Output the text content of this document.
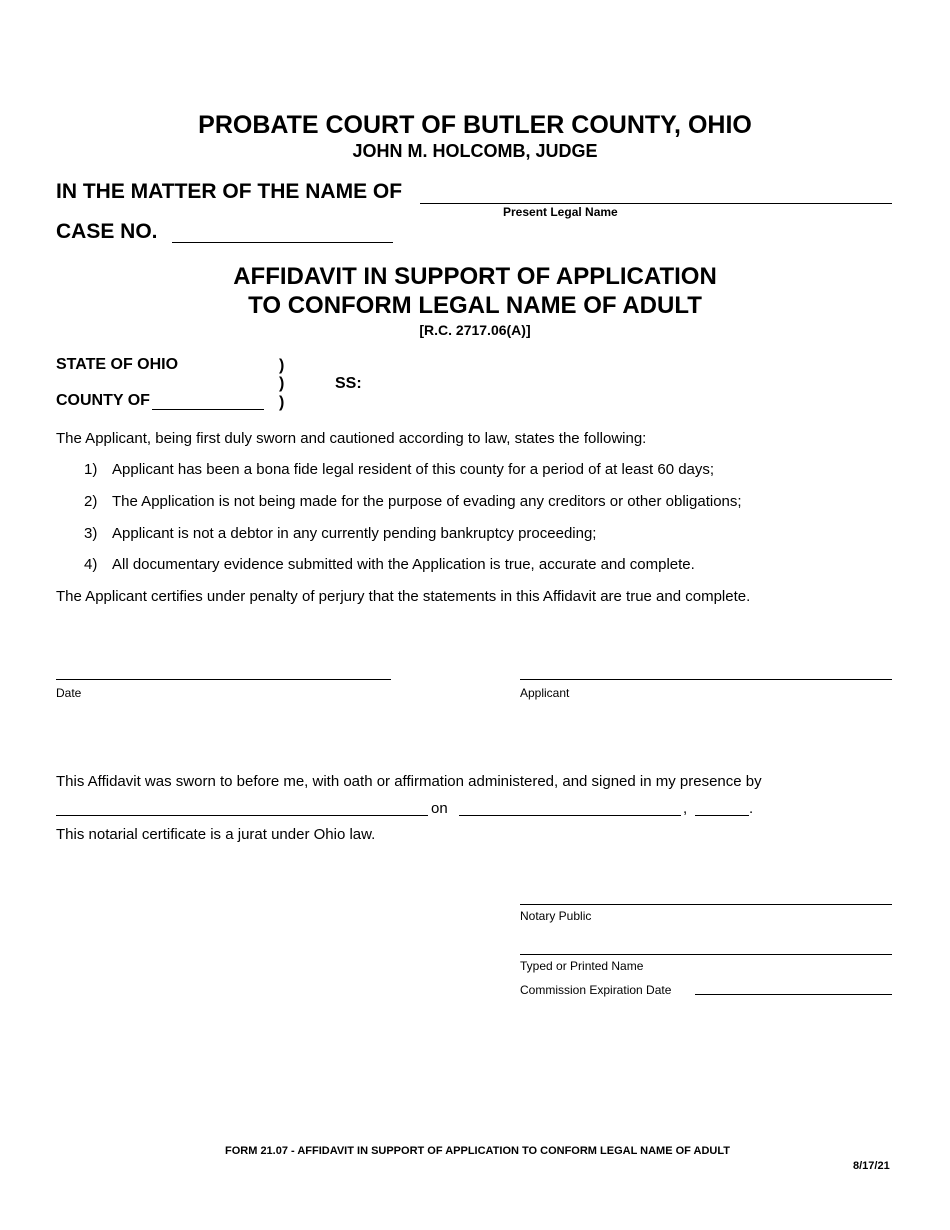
PROBATE COURT OF BUTLER COUNTY, OHIO
JOHN M. HOLCOMB, JUDGE
IN THE MATTER OF THE NAME OF
Present Legal Name
CASE NO.
AFFIDAVIT IN SUPPORT OF APPLICATION
TO CONFORM LEGAL NAME OF ADULT
[R.C. 2717.06(A)]
STATE OF OHIO	)
)
)
SS:
COUNTY OF
The Applicant, being first duly sworn and cautioned according to law, states the following:
1) Applicant has been a bona fide legal resident of this county for a period of at least 60 days;
2) The Application is not being made for the purpose of evading any creditors or other obligations;
3) Applicant is not a debtor in any currently pending bankruptcy proceeding;
4) All documentary evidence submitted with the Application is true, accurate and complete.
The Applicant certifies under penalty of perjury that the statements in this Affidavit are true and complete.
Date	Applicant
This Affidavit was sworn to before me, with oath or affirmation administered, and signed in my presence by
on	,	.
This notarial certificate is a jurat under Ohio law.
Notary Public
Typed or Printed Name
Commission Expiration Date
FORM 21.07 - AFFIDAVIT IN SUPPORT OF APPLICATION TO CONFORM LEGAL NAME OF ADULT
8/17/21
